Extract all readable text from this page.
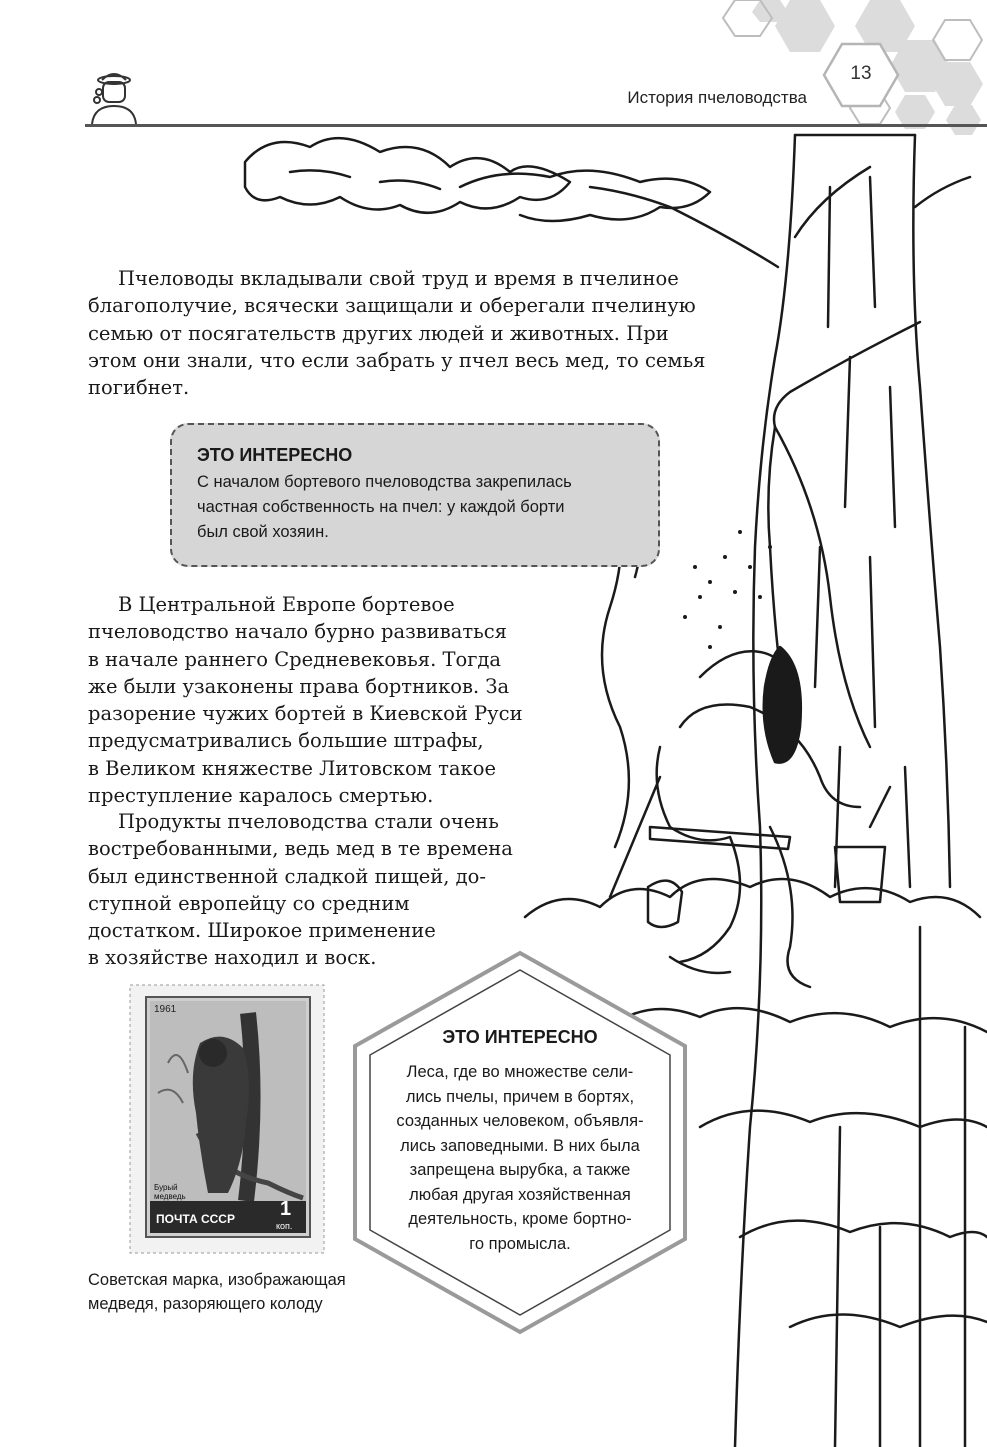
13
История пчеловодства
Пчеловоды вкладывали свой труд и время в пчелиное
благополучие, всячески защищали и оберегали пчелиную
семью от посягательств других людей и животных. При
этом они знали, что если забрать у пчел весь мед, то семья
погибнет.
ЭТО ИНТЕРЕСНО
С началом бортевого пчеловодства закрепилась
частная собственность на пчел: у каждой борти
был свой хозяин.
В Центральной Европе бортевое
пчеловодство начало бурно развиваться
в начале раннего Средневековья. Тогда
же были узаконены права бортников. За
разорение чужих бортей в Киевской Руси
предусматривались большие штрафы,
в Великом княжестве Литовском такое
преступление каралось смертью.
Продукты пчеловодства стали очень
востребованными, ведь мед в те времена
был единственной сладкой пищей, до-
ступной европейцу со средним
достатком. Широкое применение
в хозяйстве находил и воск.
1961
Бурый
медведь
ПОЧТА СССР 1
коп.
Советская марка, изображающая
медведя, разоряющего колоду
ЭТО ИНТЕРЕСНО
Леса, где во множестве сели-
лись пчелы, причем в бортях,
созданных человеком, объявля-
лись заповедными. В них была
запрещена вырубка, а также
любая другая хозяйственная
деятельность, кроме бортно-
го промысла.
